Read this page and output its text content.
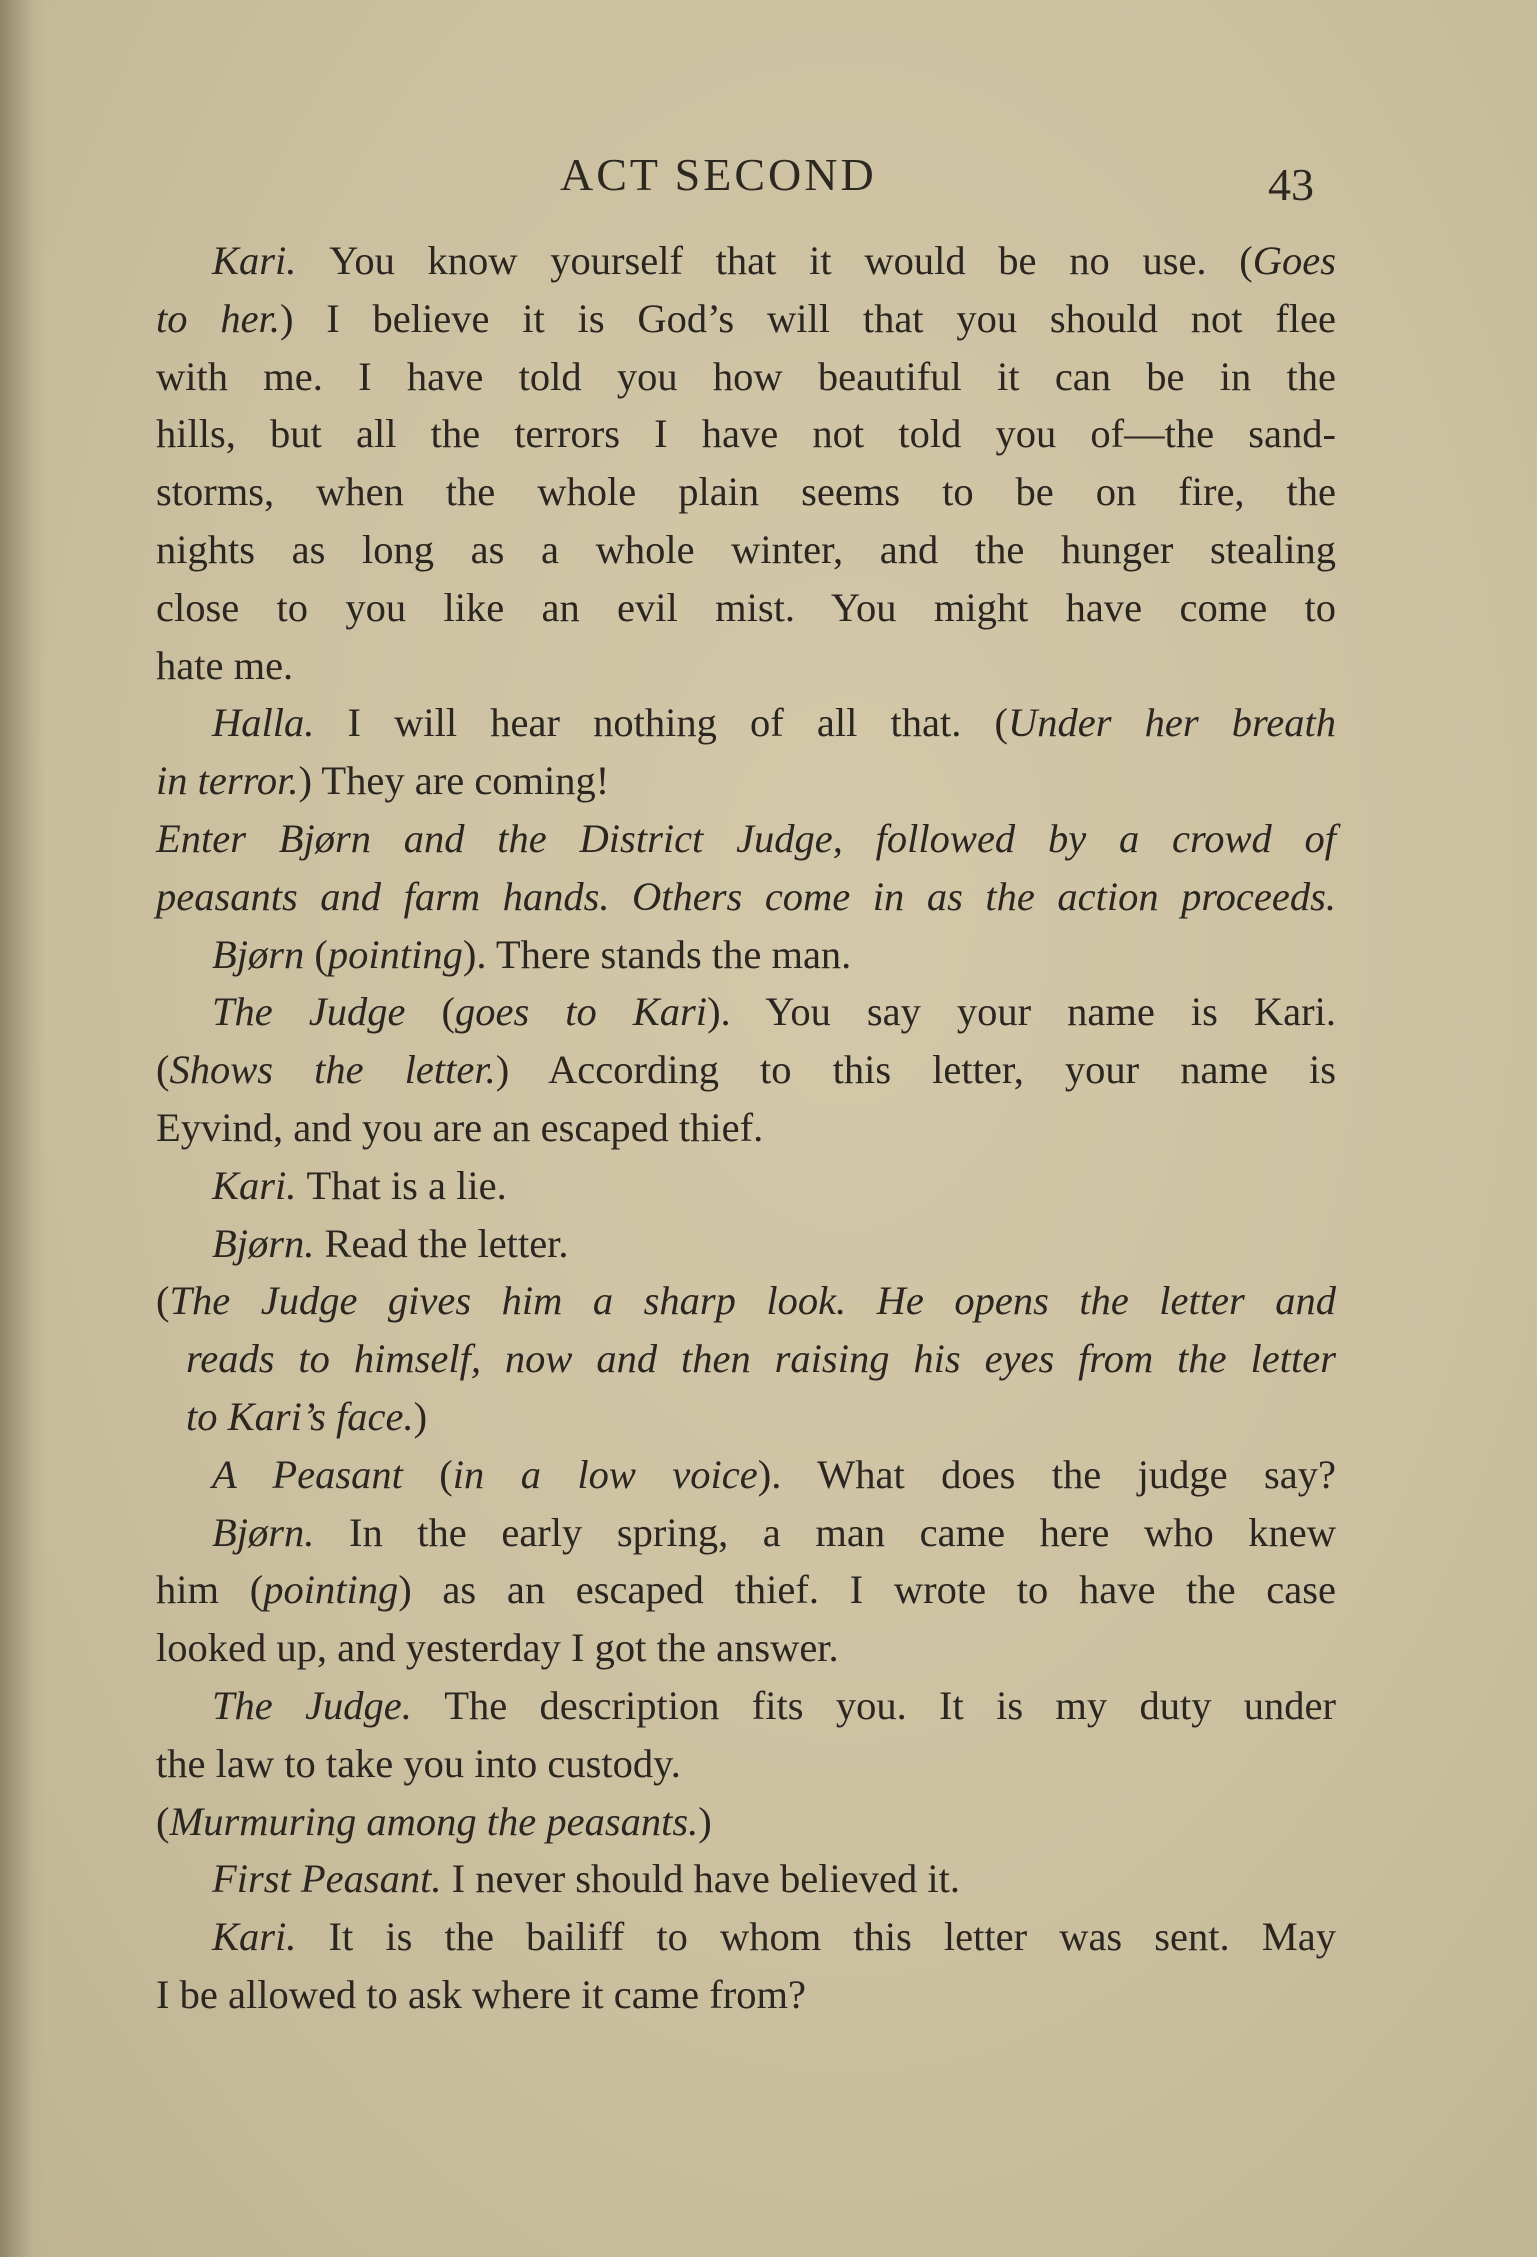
ACT SECOND	43
Kari. You know yourself that it would be no use. (Goes
to her.) I believe it is God’s will that you should not flee
with me. I have told you how beautiful it can be in the
hills, but all the terrors I have not told you of—the sand-
storms, when the whole plain seems to be on fire, the
nights as long as a whole winter, and the hunger stealing
close to you like an evil mist. You might have come to
hate me.
Halla. I will hear nothing of all that. (Under her breath
in terror.) They are coming!
Enter Bjørn and the District Judge, followed by a crowd of
peasants and farm hands. Others come in as the action proceeds.
Bjørn (pointing). There stands the man.
The Judge (goes to Kari). You say your name is Kari.
(Shows the letter.) According to this letter, your name is
Eyvind, and you are an escaped thief.
Kari. That is a lie.
Bjørn. Read the letter.
(The Judge gives him a sharp look. He opens the letter and
reads to himself, now and then raising his eyes from the letter
to Kari’s face.)
A Peasant (in a low voice). What does the judge say?
Bjørn. In the early spring, a man came here who knew
him (pointing) as an escaped thief. I wrote to have the case
looked up, and yesterday I got the answer.
The Judge. The description fits you. It is my duty under
the law to take you into custody.
(Murmuring among the peasants.)
First Peasant. I never should have believed it.
Kari. It is the bailiff to whom this letter was sent. May
I be allowed to ask where it came from?
